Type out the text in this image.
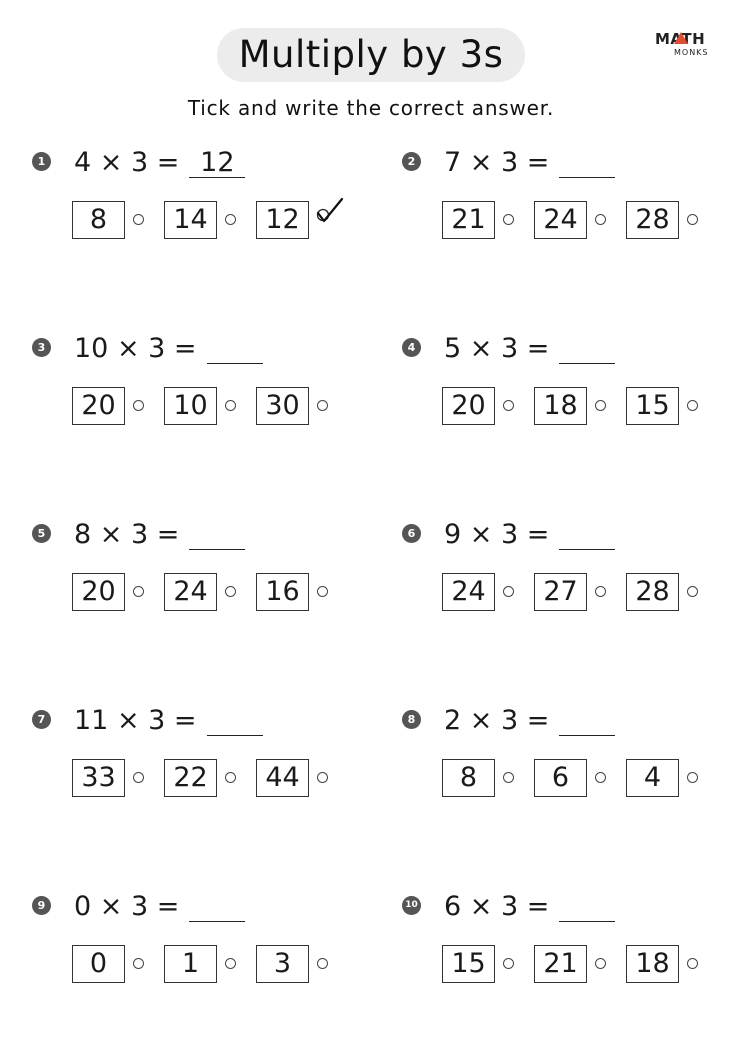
Multiply by 3s	MATH
MONKS
Tick and write the correct answer.
1 4 × 3 = 12
8	14	12
2 7 × 3 =
21	24	28
3 10 × 3 =
20	10	30
4 5 × 3 =
20	18	15
5 8 × 3 =
20	24	16
6 9 × 3 =
24	27	28
7 11 × 3 =
33	22	44
8 2 × 3 =
8	6	4
9 0 × 3 =
0	1	3
10 6 × 3 =
15	21	18
